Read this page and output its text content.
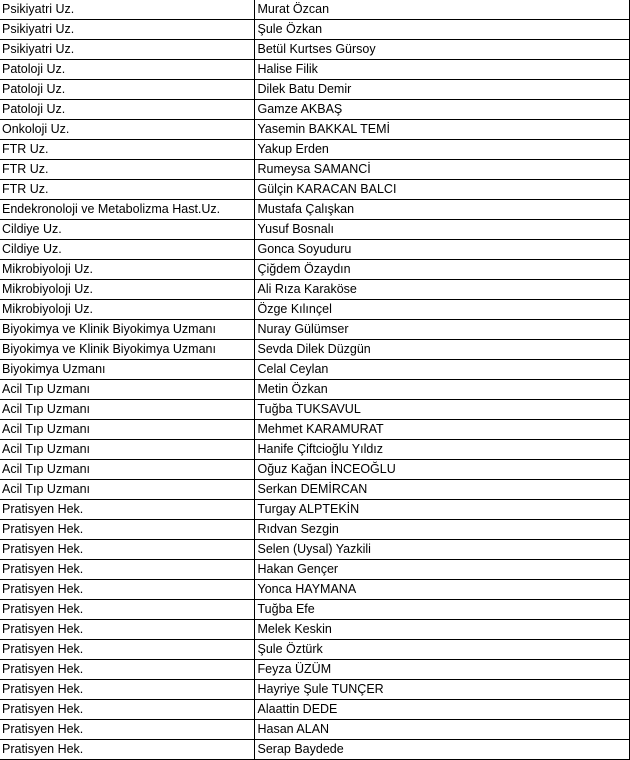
Psikiyatri Uz.	Murat Özcan
Psikiyatri Uz.	Şule Özkan
Psikiyatri Uz.	Betül Kurtses Gürsoy
Patoloji Uz.	Halise Filik
Patoloji Uz.	Dilek Batu Demir
Patoloji Uz.	Gamze AKBAŞ
Onkoloji Uz.	Yasemin BAKKAL TEMİ
FTR Uz.	Yakup Erden
FTR Uz.	Rumeysa SAMANCİ
FTR Uz.	Gülçin KARACAN BALCI
Endekronoloji ve Metabolizma Hast.Uz.	Mustafa Çalışkan
Cildiye Uz.	Yusuf Bosnalı
Cildiye Uz.	Gonca Soyuduru
Mikrobiyoloji Uz.	Çiğdem Özaydın
Mikrobiyoloji Uz.	Ali Rıza Karaköse
Mikrobiyoloji Uz.	Özge Kılınçel
Biyokimya ve Klinik Biyokimya Uzmanı	Nuray Gülümser
Biyokimya ve Klinik Biyokimya Uzmanı	Sevda Dilek Düzgün
Biyokimya Uzmanı	Celal Ceylan
Acil Tıp Uzmanı	Metin Özkan
Acil Tıp Uzmanı	Tuğba TUKSAVUL
Acil Tıp Uzmanı	Mehmet KARAMURAT
Acil Tıp Uzmanı	Hanife Çiftcioğlu Yıldız
Acil Tıp Uzmanı	Oğuz Kağan İNCEOĞLU
Acil Tıp Uzmanı	Serkan DEMİRCAN
Pratisyen Hek.	Turgay ALPTEKİN
Pratisyen Hek.	Rıdvan Sezgin
Pratisyen Hek.	Selen (Uysal) Yazkili
Pratisyen Hek.	Hakan Gençer
Pratisyen Hek.	Yonca HAYMANA
Pratisyen Hek.	Tuğba Efe
Pratisyen Hek.	Melek Keskin
Pratisyen Hek.	Şule Öztürk
Pratisyen Hek.	Feyza ÜZÜM
Pratisyen Hek.	Hayriye Şule TUNÇER
Pratisyen Hek.	Alaattin DEDE
Pratisyen Hek.	Hasan ALAN
Pratisyen Hek.	Serap Baydede
